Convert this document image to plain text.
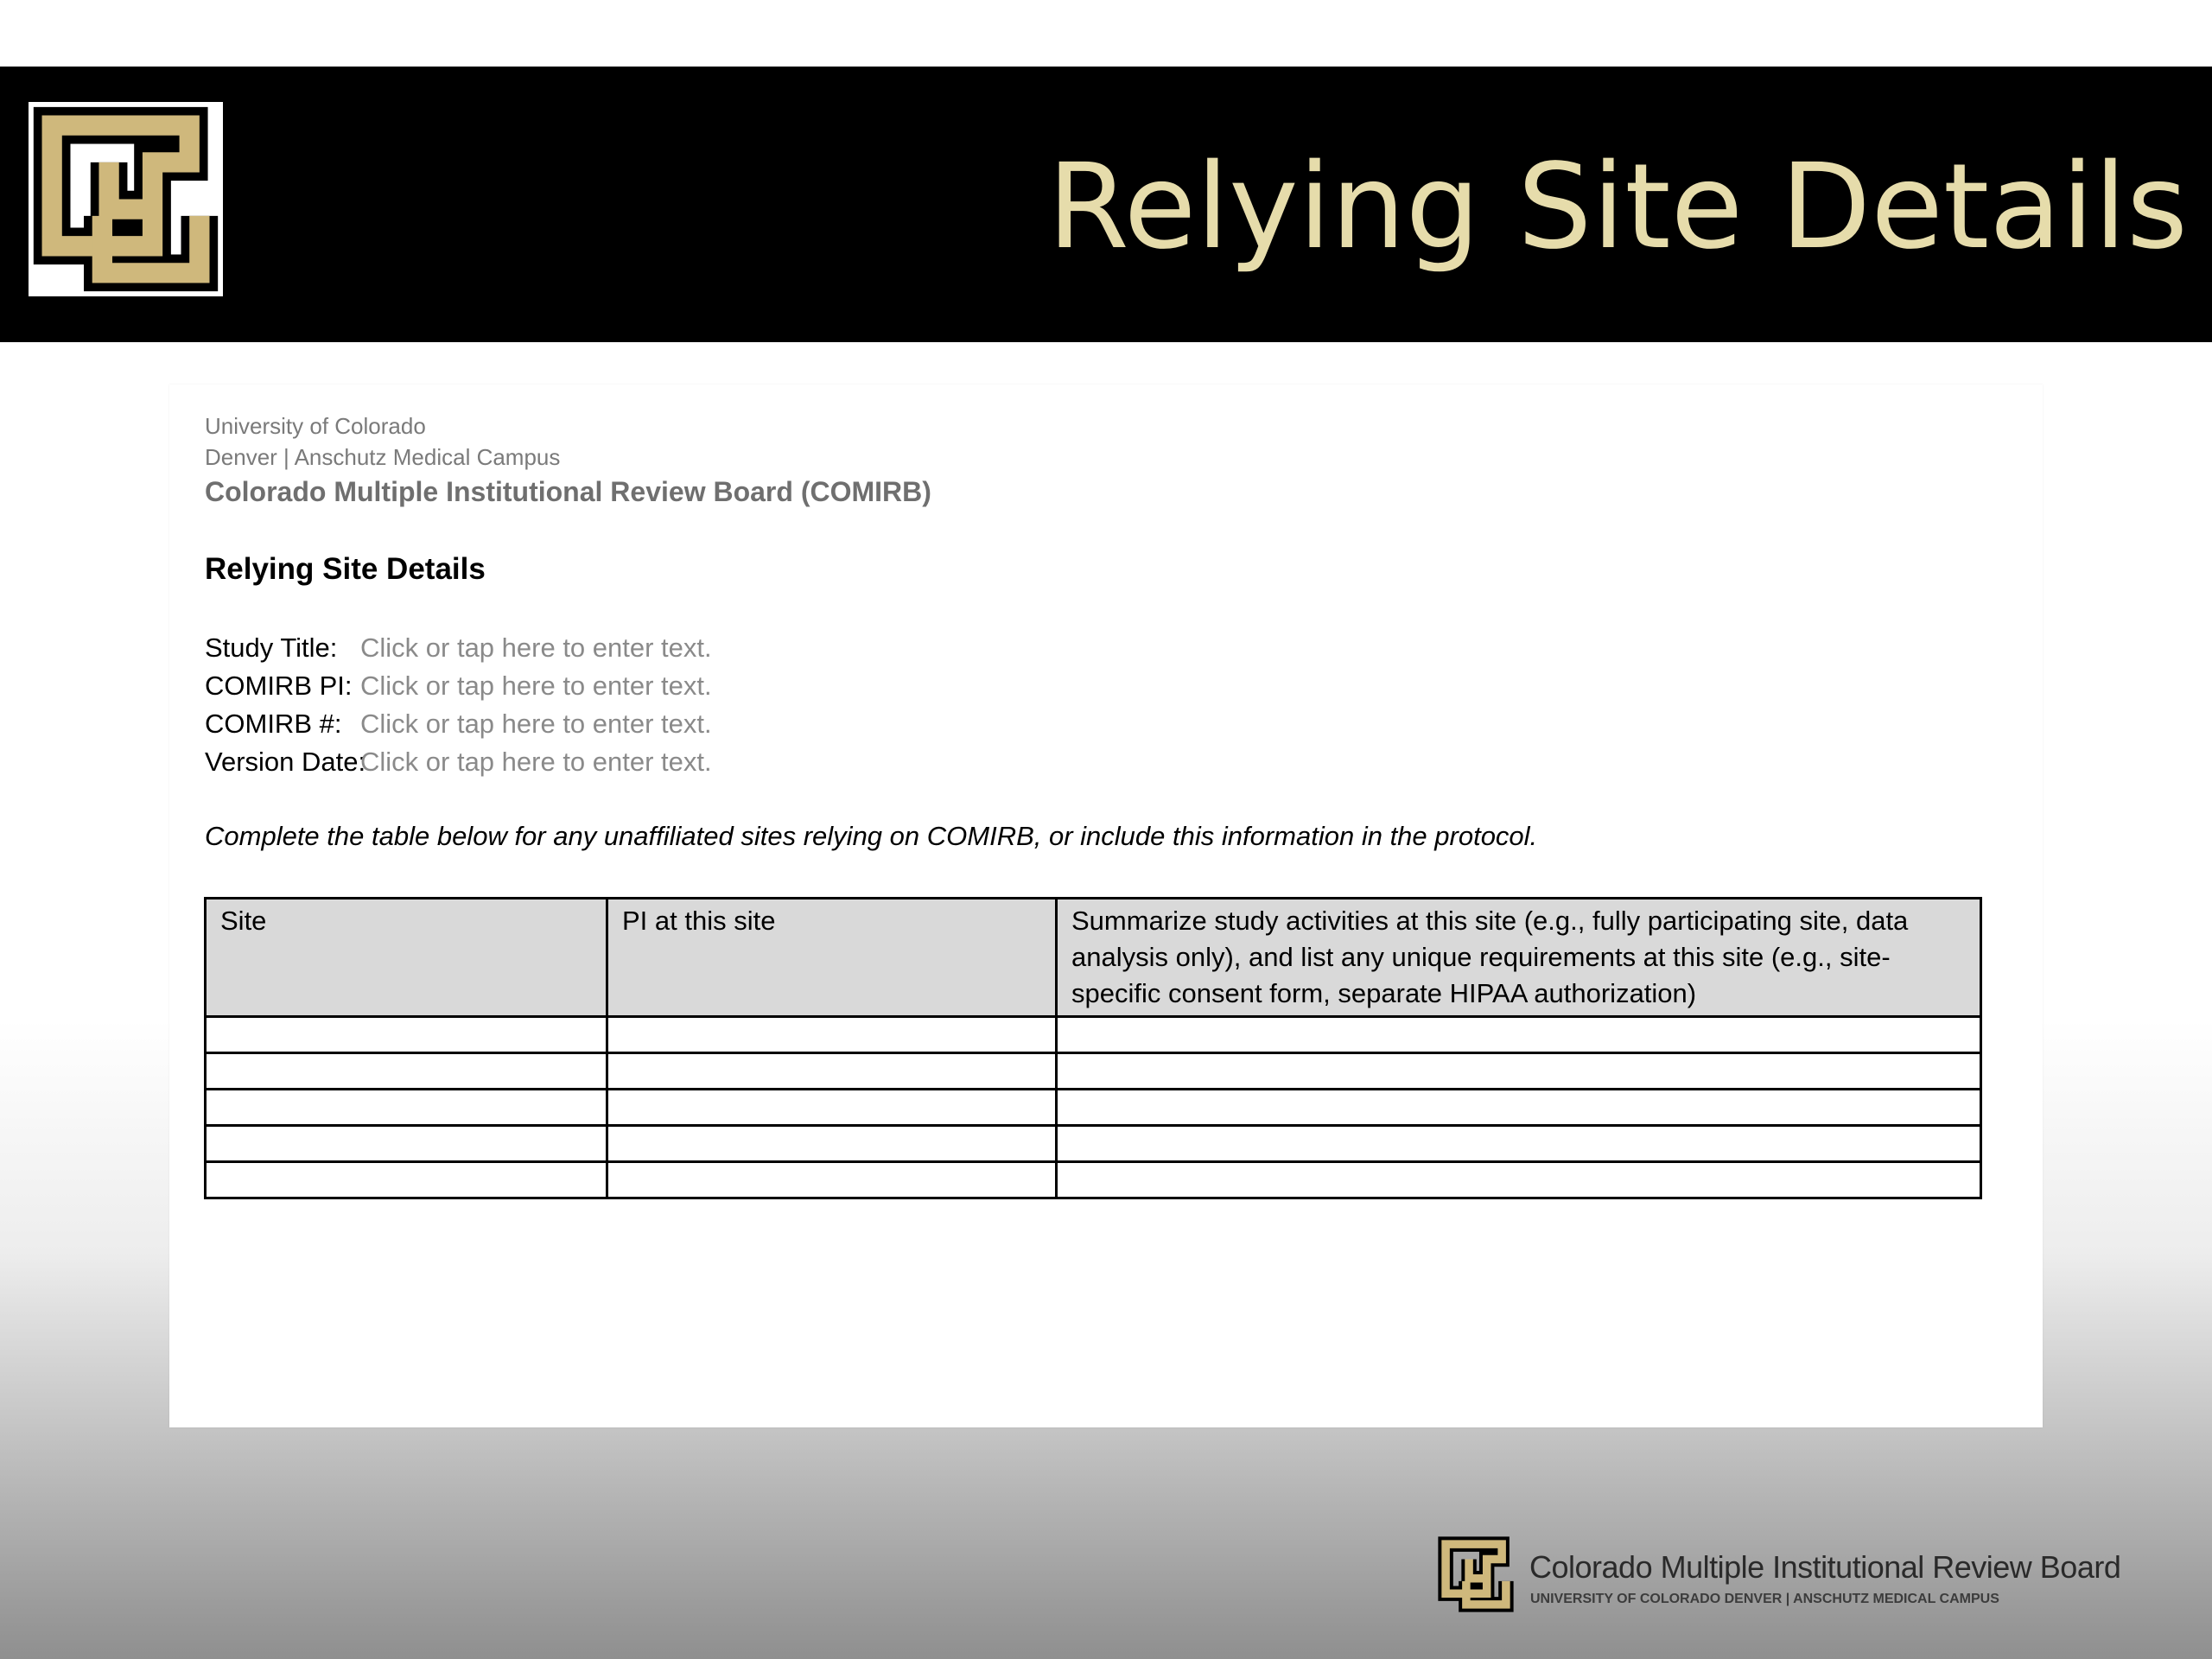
Relying Site Details
University of Colorado
Denver | Anschutz Medical Campus
Colorado Multiple Institutional Review Board (COMIRB)
Relying Site Details
Study Title: Click or tap here to enter text.
COMIRB PI: Click or tap here to enter text.
COMIRB #: Click or tap here to enter text.
Version Date:
Click or tap here to enter text.

Complete the table below for any unaffiliated sites relying on COMIRB, or include this information in the protocol.

Site	PI at this site	Summarize study activities at this site (e.g., fully participating site, data analysis only), and list any unique requirements at this site (e.g., site-specific consent form, separate HIPAA authorization)

Colorado Multiple Institutional Review Board

UNIVERSITY OF COLORADO DENVER | ANSCHUTZ MEDICAL CAMPUS
